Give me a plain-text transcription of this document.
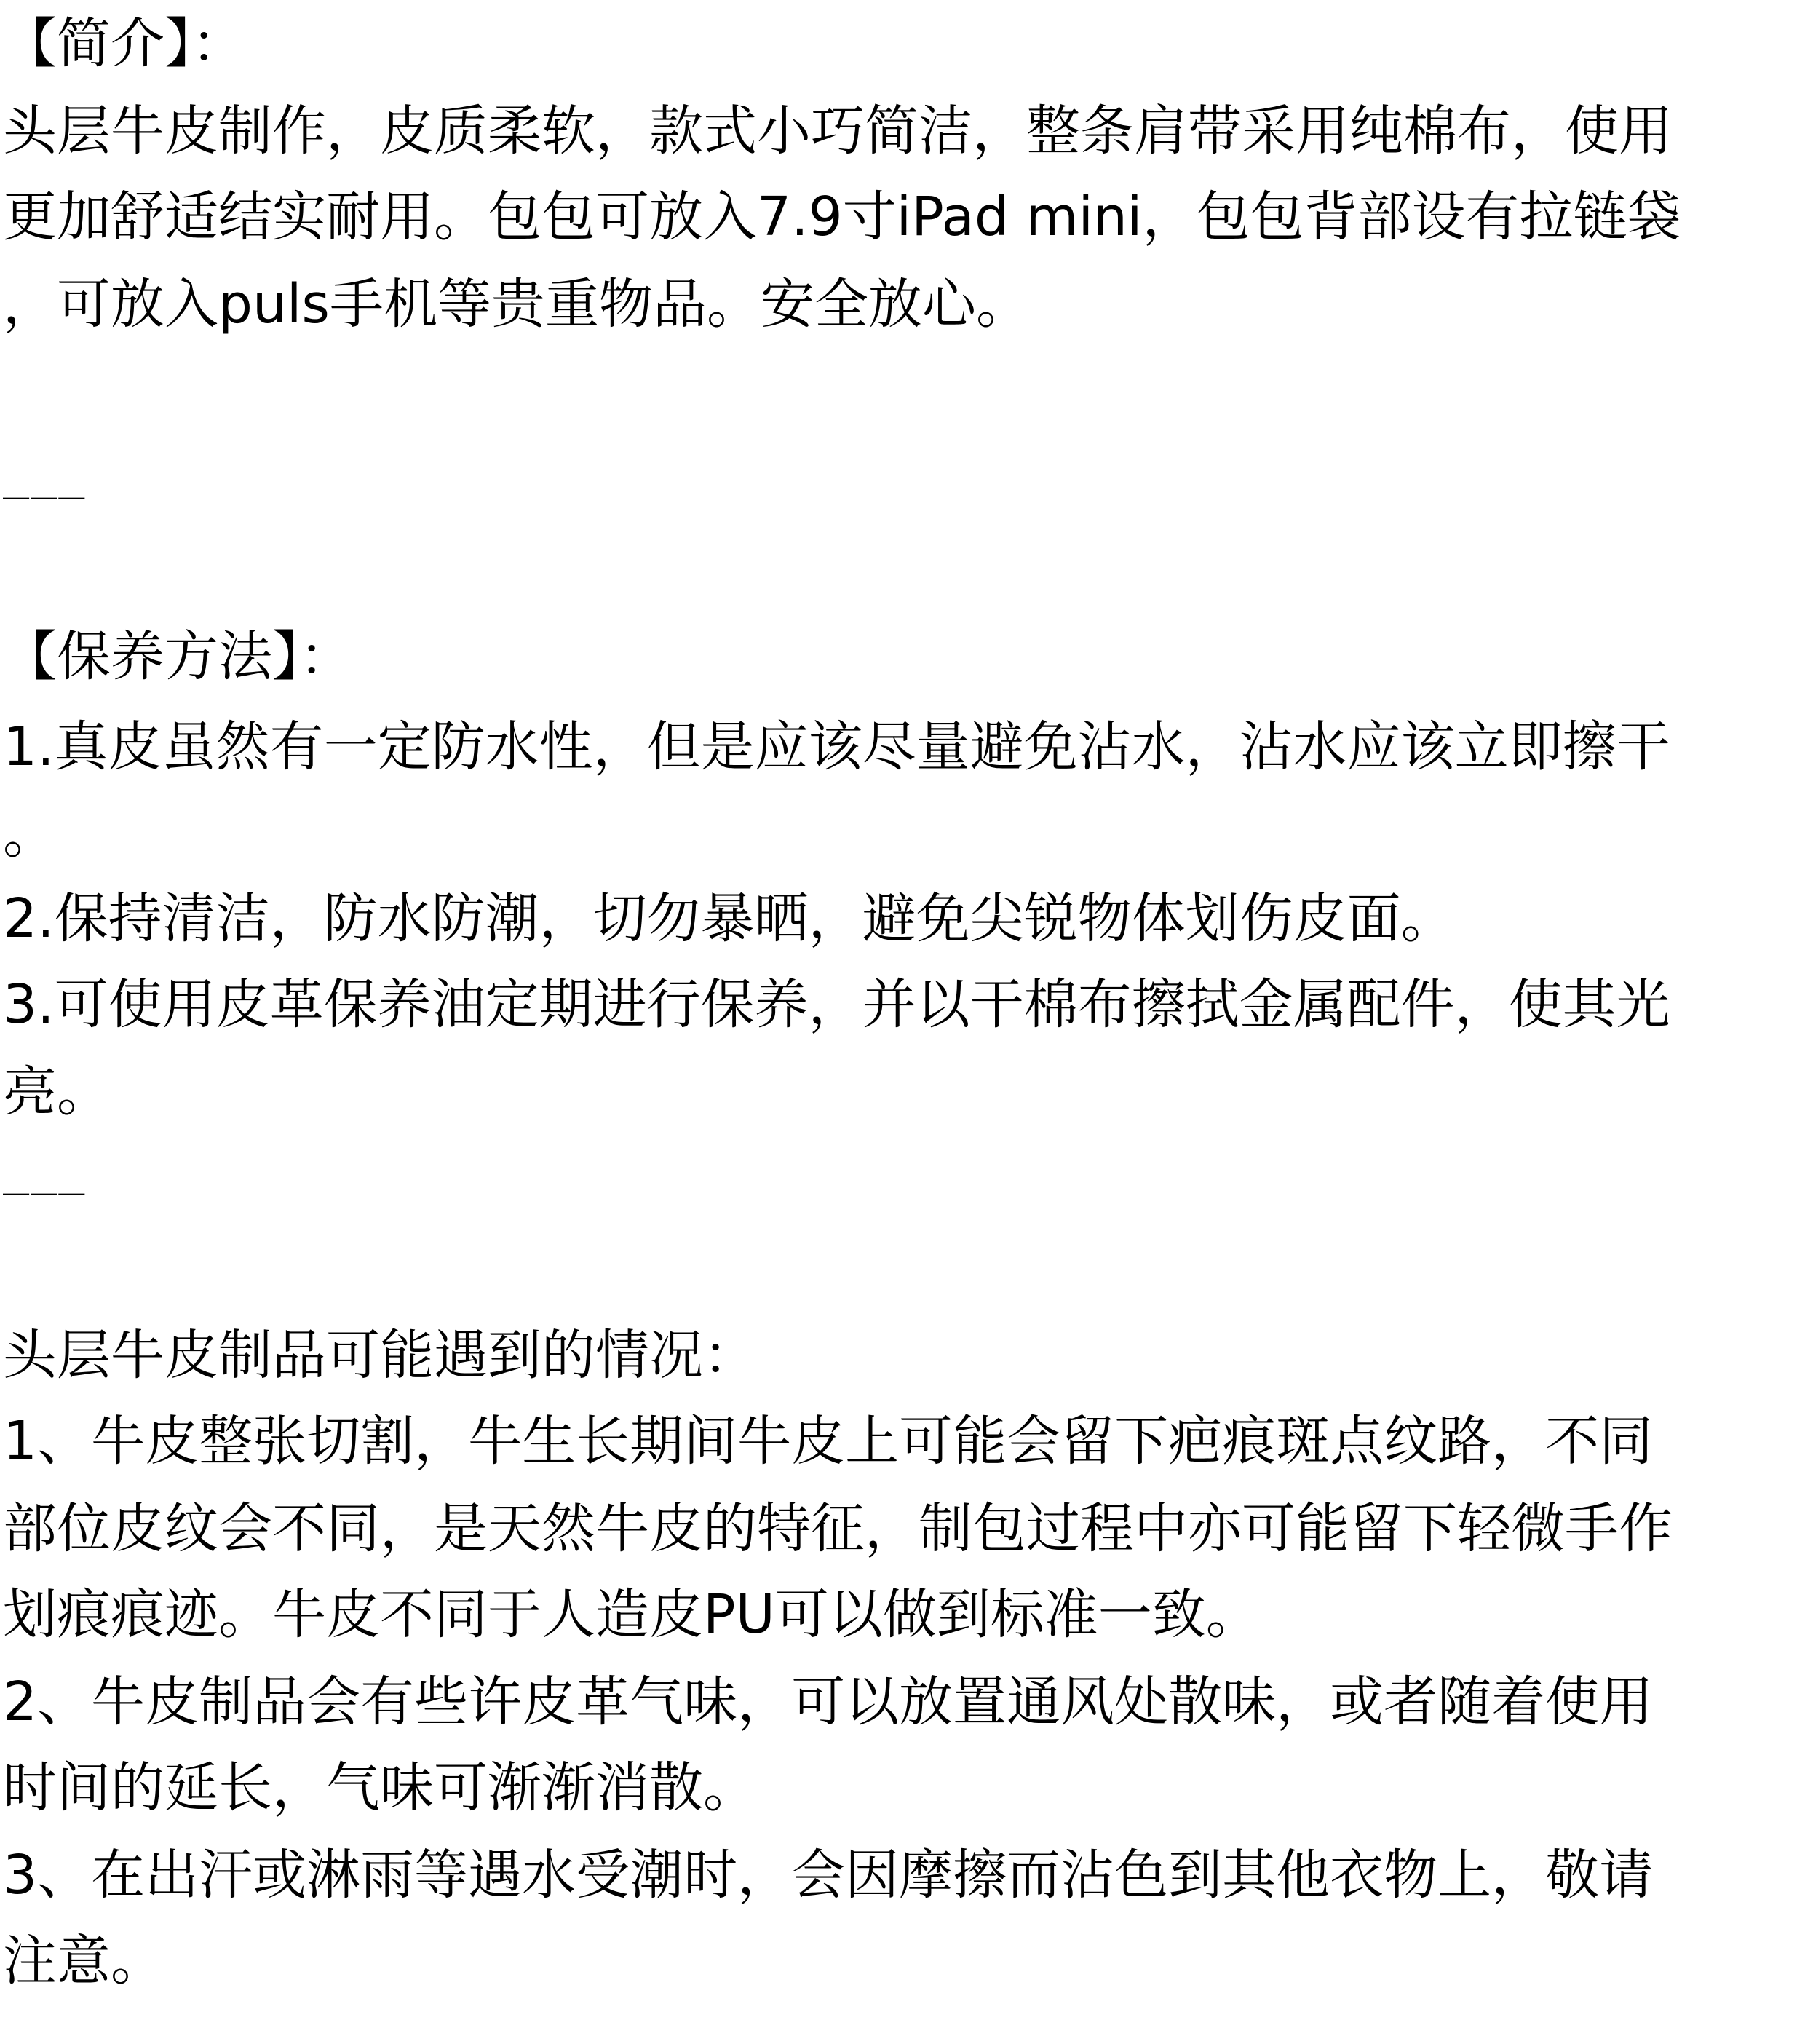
【简介】：
头层牛皮制作，皮质柔软，款式小巧简洁，整条肩带采用纯棉布，使用
更加舒适结实耐用。包包可放入7.9寸iPad mini，包包背部设有拉链袋
，可放入puls手机等贵重物品。安全放心。
___
【保养方法】：
1.真皮虽然有一定防水性，但是应该尽量避免沾水，沾水应该立即擦干
。
2.保持清洁，防水防潮，切勿暴晒，避免尖锐物体划伤皮面。
3.可使用皮革保养油定期进行保养，并以干棉布擦拭金属配件，使其光
亮。
___
头层牛皮制品可能遇到的情况：
1、牛皮整张切割，牛生长期间牛皮上可能会留下疤痕斑点纹路，不同
部位皮纹会不同，是天然牛皮的特征，制包过程中亦可能留下轻微手作
划痕痕迹。牛皮不同于人造皮PU可以做到标准一致。
2、牛皮制品会有些许皮革气味，可以放置通风处散味，或者随着使用
时间的延长，气味可渐渐消散。
3、在出汗或淋雨等遇水受潮时，会因摩擦而沾色到其他衣物上，敬请
注意。
